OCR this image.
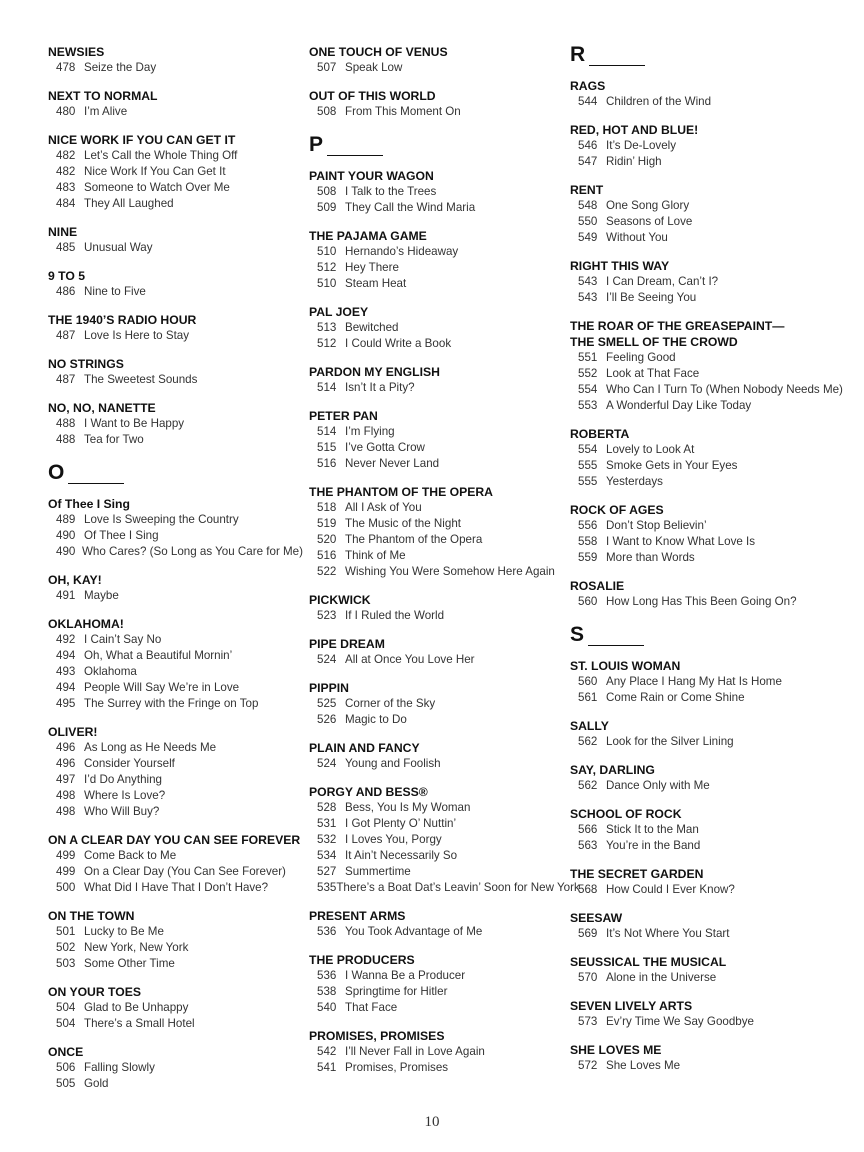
NEWSIES
478 Seize the Day
NEXT TO NORMAL
480 I’m Alive
NICE WORK IF YOU CAN GET IT
482 Let’s Call the Whole Thing Off
482 Nice Work If You Can Get It
483 Someone to Watch Over Me
484 They All Laughed
NINE
485 Unusual Way
9 TO 5
486 Nine to Five
THE 1940’S RADIO HOUR
487 Love Is Here to Stay
NO STRINGS
487 The Sweetest Sounds
NO, NO, NANETTE
488 I Want to Be Happy
488 Tea for Two
O
Of Thee I Sing
489 Love Is Sweeping the Country
490 Of Thee I Sing
490 Who Cares? (So Long as You Care for Me)
OH, KAY!
491 Maybe
OKLAHOMA!
492 I Cain’t Say No
494 Oh, What a Beautiful Mornin’
493 Oklahoma
494 People Will Say We’re in Love
495 The Surrey with the Fringe on Top
OLIVER!
496 As Long as He Needs Me
496 Consider Yourself
497 I’d Do Anything
498 Where Is Love?
498 Who Will Buy?
ON A CLEAR DAY YOU CAN SEE FOREVER
499 Come Back to Me
499 On a Clear Day (You Can See Forever)
500 What Did I Have That I Don’t Have?
ON THE TOWN
501 Lucky to Be Me
502 New York, New York
503 Some Other Time
ON YOUR TOES
504 Glad to Be Unhappy
504 There’s a Small Hotel
ONCE
506 Falling Slowly
505 Gold
ONE TOUCH OF VENUS
507 Speak Low
OUT OF THIS WORLD
508 From This Moment On
P
PAINT YOUR WAGON
508 I Talk to the Trees
509 They Call the Wind Maria
THE PAJAMA GAME
510 Hernando’s Hideaway
512 Hey There
510 Steam Heat
PAL JOEY
513 Bewitched
512 I Could Write a Book
PARDON MY ENGLISH
514 Isn’t It a Pity?
PETER PAN
514 I’m Flying
515 I’ve Gotta Crow
516 Never Never Land
THE PHANTOM OF THE OPERA
518 All I Ask of You
519 The Music of the Night
520 The Phantom of the Opera
516 Think of Me
522 Wishing You Were Somehow Here Again
PICKWICK
523 If I Ruled the World
PIPE DREAM
524 All at Once You Love Her
PIPPIN
525 Corner of the Sky
526 Magic to Do
PLAIN AND FANCY
524 Young and Foolish
PORGY AND BESS®
528 Bess, You Is My Woman
531 I Got Plenty O’ Nuttin’
532 I Loves You, Porgy
534 It Ain’t Necessarily So
527 Summertime
535 There’s a Boat Dat’s Leavin’ Soon for New York
PRESENT ARMS
536 You Took Advantage of Me
THE PRODUCERS
536 I Wanna Be a Producer
538 Springtime for Hitler
540 That Face
PROMISES, PROMISES
542 I’ll Never Fall in Love Again
541 Promises, Promises
R
RAGS
544 Children of the Wind
RED, HOT AND BLUE!
546 It’s De-Lovely
547 Ridin’ High
RENT
548 One Song Glory
550 Seasons of Love
549 Without You
RIGHT THIS WAY
543 I Can Dream, Can’t I?
543 I’ll Be Seeing You
THE ROAR OF THE GREASEPAINT—
THE SMELL OF THE CROWD
551 Feeling Good
552 Look at That Face
554 Who Can I Turn To (When Nobody Needs Me)
553 A Wonderful Day Like Today
ROBERTA
554 Lovely to Look At
555 Smoke Gets in Your Eyes
555 Yesterdays
ROCK OF AGES
556 Don’t Stop Believin’
558 I Want to Know What Love Is
559 More than Words
ROSALIE
560 How Long Has This Been Going On?
S
ST. LOUIS WOMAN
560 Any Place I Hang My Hat Is Home
561 Come Rain or Come Shine
SALLY
562 Look for the Silver Lining
SAY, DARLING
562 Dance Only with Me
SCHOOL OF ROCK
566 Stick It to the Man
563 You’re in the Band
THE SECRET GARDEN
568 How Could I Ever Know?
SEESAW
569 It’s Not Where You Start
SEUSSICAL THE MUSICAL
570 Alone in the Universe
SEVEN LIVELY ARTS
573 Ev’ry Time We Say Goodbye
SHE LOVES ME
572 She Loves Me
10
